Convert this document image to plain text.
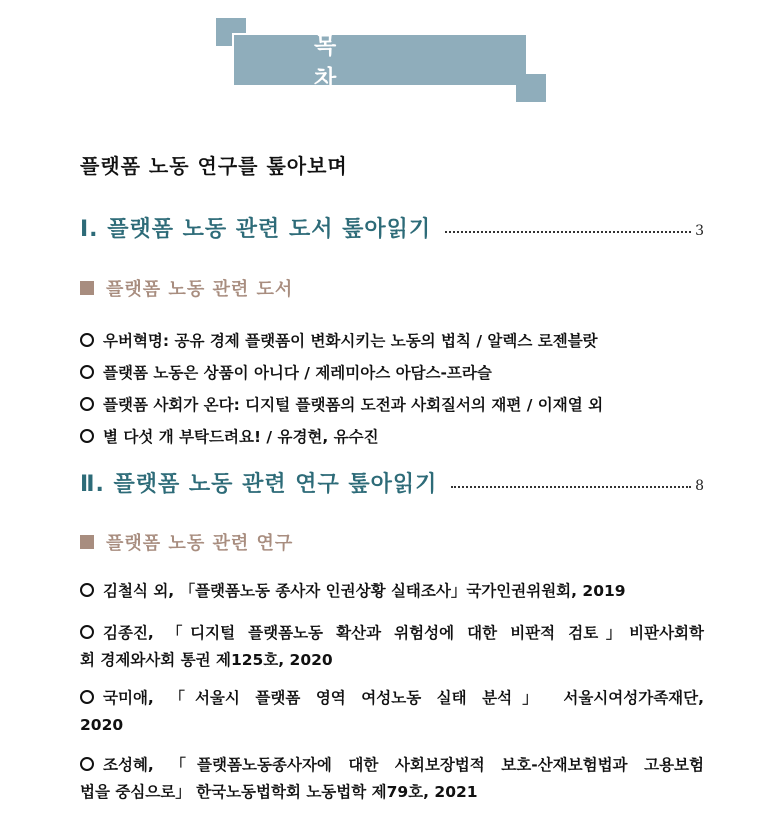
목 차
플랫폼 노동 연구를 톺아보며
Ⅰ. 플랫폼 노동 관련 도서 톺아읽기	3
플랫폼 노동 관련 도서
우버혁명: 공유 경제 플랫폼이 변화시키는 노동의 법칙 / 알렉스 로젠블랏
플랫폼 노동은 상품이 아니다 / 제레미아스 아담스-프라슬
플랫폼 사회가 온다: 디지털 플랫폼의 도전과 사회질서의 재편 / 이재열 외
별 다섯 개 부탁드려요! / 유경현, 유수진
Ⅱ. 플랫폼 노동 관련 연구 톺아읽기	8
플랫폼 노동 관련 연구
김철식 외, 「플랫폼노동 종사자 인권상황 실태조사」국가인권위원회, 2019
김종진, 「디지털 플랫폼노동 확산과 위험성에 대한 비판적 검토」비판사회학
회 경제와사회 통권 제125호, 2020
국미애, 「서울시 플랫폼 영역 여성노동 실태 분석」 서울시여성가족재단,
2020
조성혜, 「플랫폼노동종사자에 대한 사회보장법적 보호-산재보험법과 고용보험
법을 중심으로」 한국노동법학회 노동법학 제79호, 2021
